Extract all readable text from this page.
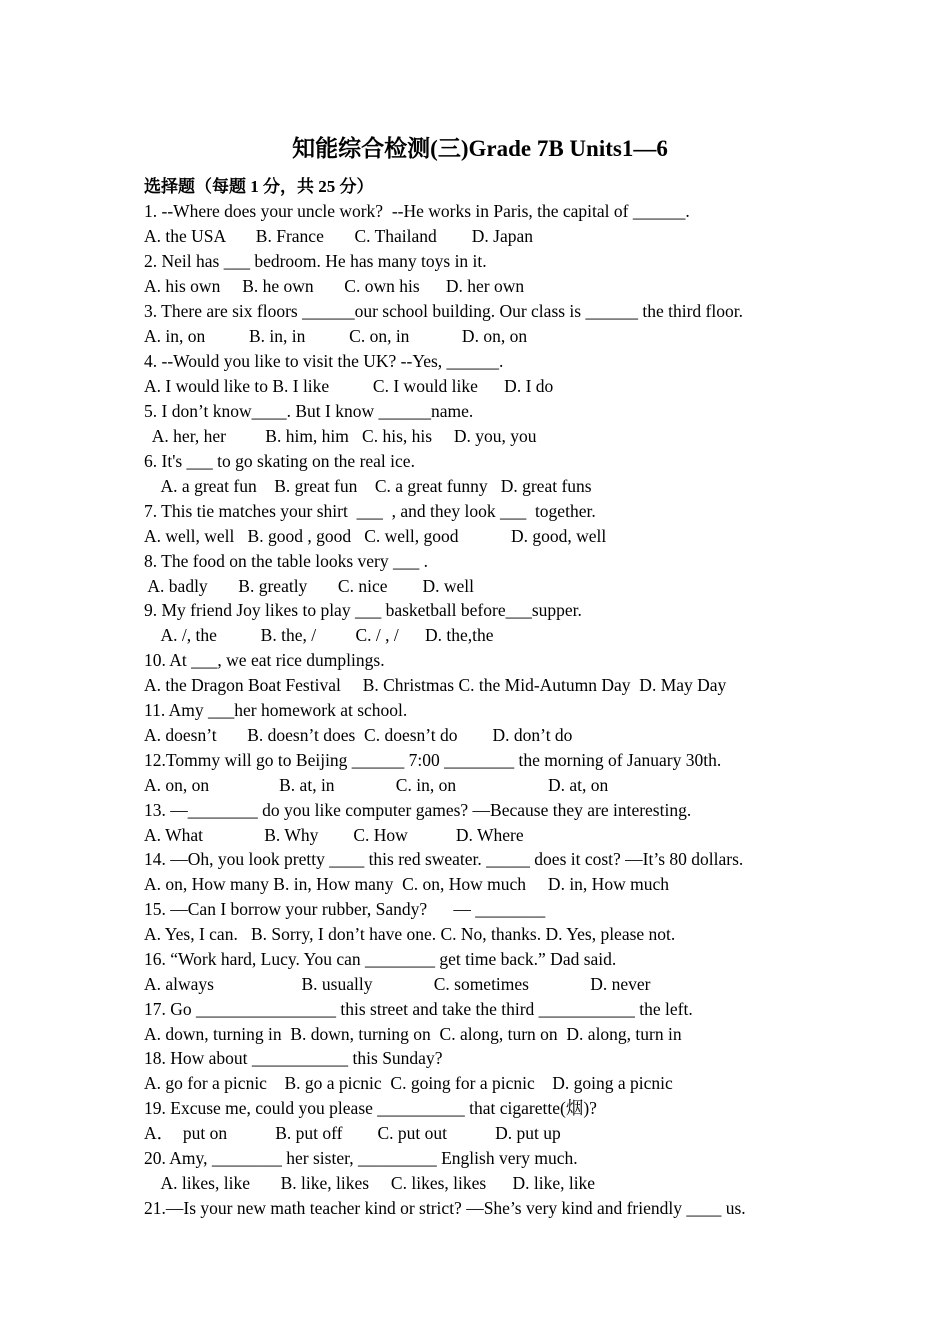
知能综合检测(三)Grade 7B Units1—6
选择题（每题 1 分，共 25 分）
1. --Where does your uncle work?  --He works in Paris, the capital of ______.
A. the USA       B. France       C. Thailand        D. Japan
2. Neil has ___ bedroom. He has many toys in it.
A. his own     B. he own       C. own his      D. her own
3. There are six floors ______our school building. Our class is ______ the third floor.
A. in, on          B. in, in          C. on, in            D. on, on
4. --Would you like to visit the UK? --Yes, ______.
A. I would like to B. I like          C. I would like      D. I do
5. I don’t know____. But I know ______name.
A. her, her         B. him, him   C. his, his     D. you, you
6. It's ___ to go skating on the real ice.
A. a great fun    B. great fun    C. a great funny   D. great funs
7. This tie matches your shirt  ___  , and they look ___  together.
A. well, well   B. good , good   C. well, good            D. good, well
8. The food on the table looks very ___ .
A. badly       B. greatly       C. nice        D. well
9. My friend Joy likes to play ___ basketball before___supper.
A. /, the          B. the, /         C. / , /      D. the,the
10. At ___, we eat rice dumplings.
A. the Dragon Boat Festival     B. Christmas C. the Mid-Autumn Day  D. May Day
11. Amy ___her homework at school.
A. doesn’t       B. doesn’t does  C. doesn’t do        D. don’t do
12.Tommy will go to Beijing ______ 7:00 ________ the morning of January 30th.
A. on, on                B. at, in              C. in, on                     D. at, on
13. —________ do you like computer games? —Because they are interesting.
A. What              B. Why        C. How           D. Where
14. —Oh, you look pretty ____ this red sweater. _____ does it cost? —It’s 80 dollars.
A. on, How many B. in, How many  C. on, How much     D. in, How much
15. —Can I borrow your rubber, Sandy?      — ________
A. Yes, I can.   B. Sorry, I don’t have one. C. No, thanks. D. Yes, please not.
16. “Work hard, Lucy. You can ________ get time back.” Dad said.
A. always                    B. usually              C. sometimes              D. never
17. Go ________________ this street and take the third ___________ the left.
A. down, turning in  B. down, turning on  C. along, turn on  D. along, turn in
18. How about ___________ this Sunday?
A. go for a picnic    B. go a picnic  C. going for a picnic    D. going a picnic
19. Excuse me, could you please __________ that cigarette(烟)?
A．  put on           B. put off        C. put out           D. put up
20. Amy, ________ her sister, _________ English very much.
A. likes, like       B. like, likes     C. likes, likes      D. like, like
21.—Is your new math teacher kind or strict? —She’s very kind and friendly ____ us.
